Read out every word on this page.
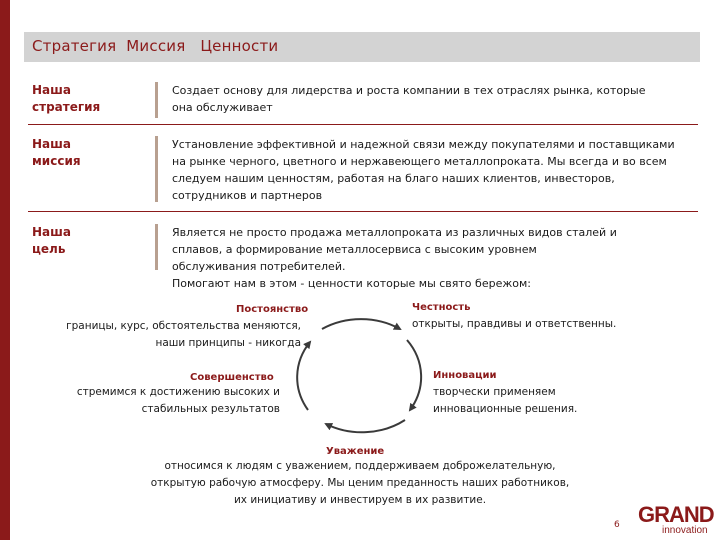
Стратегия  Миссия   Ценности
Наша
стратегия
Создает основу для лидерства и роста компании в тех отраслях рынка, которые
она обслуживает
Наша
миссия
Установление эффективной и надежной связи между покупателями и поставщиками
на рынке черного, цветного и нержавеющего металлопроката. Мы всегда и во всем
следуем нашим ценностям, работая на благо наших клиентов, инвесторов,
сотрудников и партнеров
Наша
цель
Является не просто продажа металлопроката из различных видов сталей и
сплавов, а формирование металлосервиса с высоким уровнем
обслуживания потребителей.
Помогают нам в этом - ценности которые мы свято бережом:
Постоянство
границы, курс, обстоятельства меняются,
наши принципы - никогда
Честность
открыты, правдивы и ответственны.
Совершенство
стремимся к достижению высоких и
стабильных результатов
Инновации
творчески применяем
инновационные решения.
Уважение
относимся к людям с уважением, поддерживаем доброжелательную,
открытую рабочую атмосферу. Мы ценим преданность наших работников,
их инициативу и инвестируем в их развитие.
6 GRAND
innovation
